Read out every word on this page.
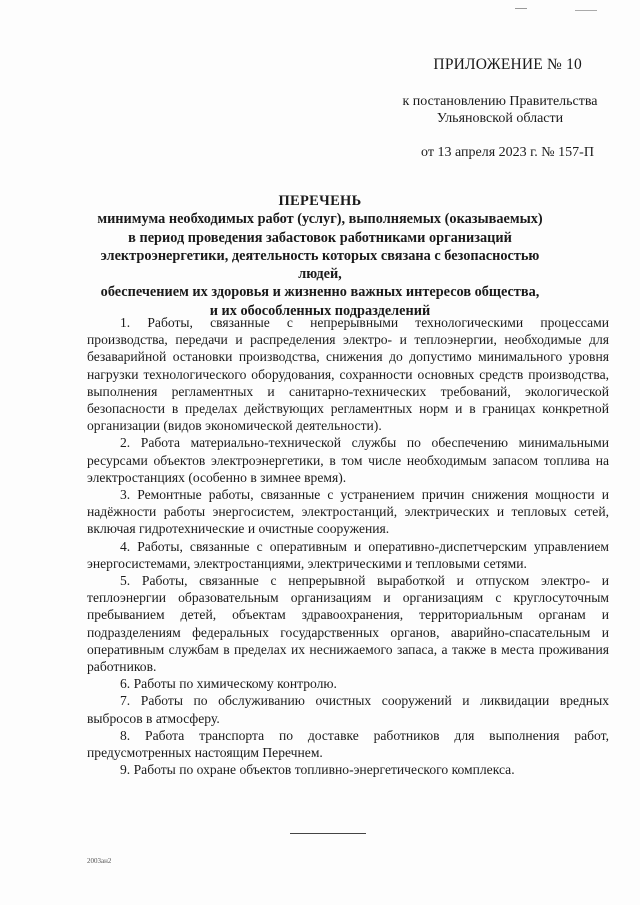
ПРИЛОЖЕНИЕ № 10
к постановлению Правительства
Ульяновской области
от 13 апреля 2023 г. № 157-П
ПЕРЕЧЕНЬ
минимума необходимых работ (услуг), выполняемых (оказываемых)
в период проведения забастовок работниками организаций
электроэнергетики, деятельность которых связана с безопасностью людей,
обеспечением их здоровья и жизненно важных интересов общества,
и их обособленных подразделений

1. Работы, связанные с непрерывными технологическими процессами производства, передачи и распределения электро- и теплоэнергии, необходимые для безаварийной остановки производства, снижения до допустимо минимального уровня нагрузки технологического оборудования, сохранности основных средств производства, выполнения регламентных и санитарно-технических требований, экологической безопасности в пределах действующих регламентных норм и в границах конкретной организации (видов экономической деятельности).

2. Работа материально-технической службы по обеспечению минимальными ресурсами объектов электроэнергетики, в том числе необходимым запасом топлива на электростанциях (особенно в зимнее время).

3. Ремонтные работы, связанные с устранением причин снижения мощности и надёжности работы энергосистем, электростанций, электрических и тепловых сетей, включая гидротехнические и очистные сооружения.

4. Работы, связанные с оперативным и оперативно-диспетчерским управлением энергосистемами, электростанциями, электрическими и тепловыми сетями.

5. Работы, связанные с непрерывной выработкой и отпуском электро- и теплоэнергии образовательным организациям и организациям с круглосуточным пребыванием детей, объектам здравоохранения, территориальным органам и подразделениям федеральных государственных органов, аварийно-спасательным и оперативным службам в пределах их неснижаемого запаса, а также в места проживания работников.

6. Работы по химическому контролю.

7. Работы по обслуживанию очистных сооружений и ликвидации вредных выбросов в атмосферу.

8. Работа транспорта по доставке работников для выполнения работ, предусмотренных настоящим Перечнем.

9. Работы по охране объектов топливно-энергетического комплекса.

2003ан2
